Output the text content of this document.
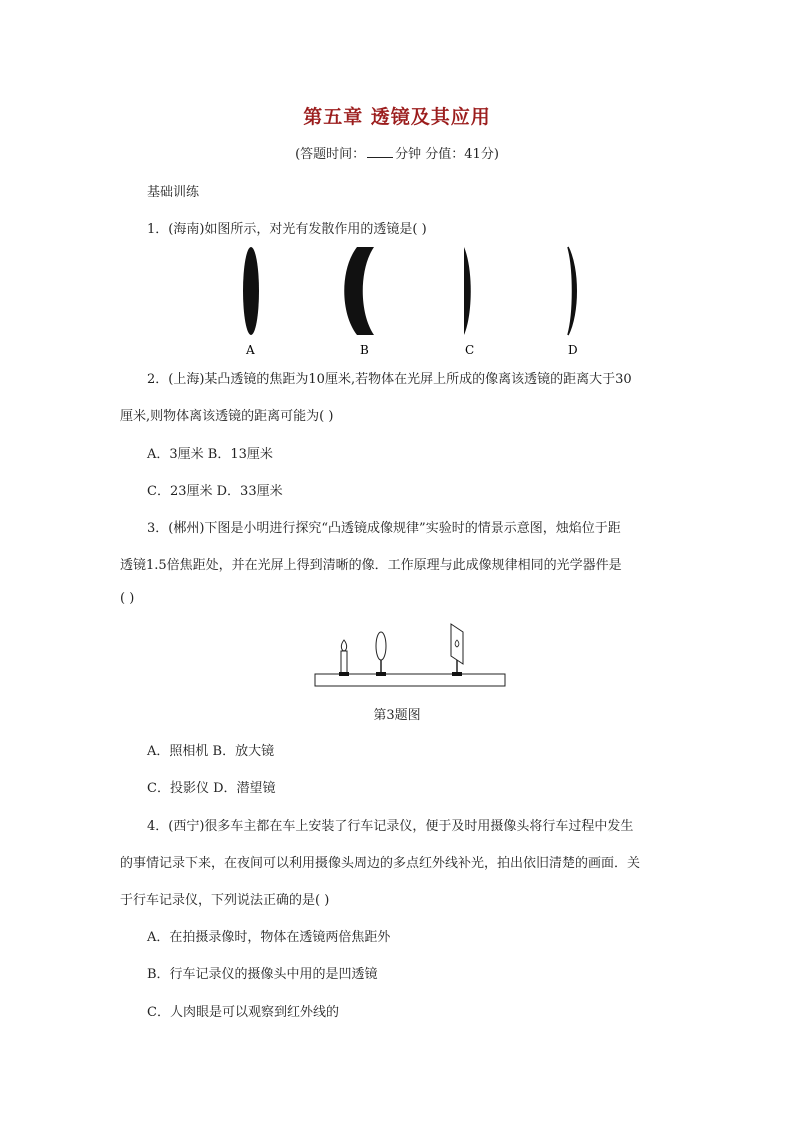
第五章 透镜及其应用
(答题时间： 分钟 分值：41分)
基础训练
1．(海南)如图所示，对光有发散作用的透镜是( )
A	B	C	D
2．(上海)某凸透镜的焦距为10厘米,若物体在光屏上所成的像离该透镜的距离大于30
厘米,则物体离该透镜的距离可能为( )
A．3厘米 B．13厘米
C．23厘米 D．33厘米
3．(郴州)下图是小明进行探究“凸透镜成像规律”实验时的情景示意图，烛焰位于距
透镜1.5倍焦距处，并在光屏上得到清晰的像．工作原理与此成像规律相同的光学器件是
( )
第3题图
A．照相机 B．放大镜
C．投影仪 D．潜望镜
4．(西宁)很多车主都在车上安装了行车记录仪，便于及时用摄像头将行车过程中发生
的事情记录下来，在夜间可以利用摄像头周边的多点红外线补光，拍出依旧清楚的画面．关
于行车记录仪，下列说法正确的是( )
A．在拍摄录像时，物体在透镜两倍焦距外
B．行车记录仪的摄像头中用的是凹透镜
C．人肉眼是可以观察到红外线的
